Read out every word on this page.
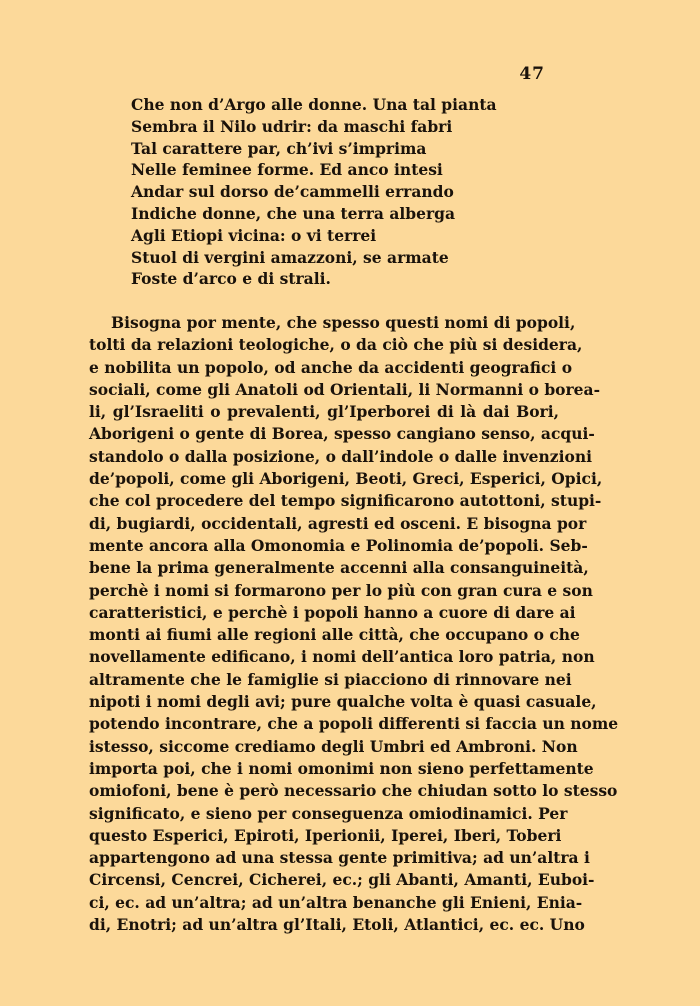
47
Che non d’Argo alle donne. Una tal pianta
Sembra il Nilo udrir: da maschi fabri
Tal carattere par, ch’ivi s’imprima
Nelle feminee forme. Ed anco intesi
Andar sul dorso de’cammelli errando
Indiche donne, che una terra alberga
Agli Etiopi vicina: o vi terrei
Stuol di vergini amazzoni, se armate
Foste d’arco e di strali.
Bisogna por mente, che spesso questi nomi di popoli,
tolti da relazioni teologiche, o da ciò che più si desidera,
e nobilita un popolo, od anche da accidenti geografici o
sociali, come gli Anatoli od Orientali, li Normanni o borea-
li, gl’Israeliti o prevalenti, gl’Iperborei di là dai Bori,
Aborigeni o gente di Borea, spesso cangiano senso, acqui-
standolo o dalla posizione, o dall’indole o dalle invenzioni
de’popoli, come gli Aborigeni, Beoti, Greci, Esperici, Opici,
che col procedere del tempo significarono autottoni, stupi-
di, bugiardi, occidentali, agresti ed osceni. E bisogna por
mente ancora alla Omonomia e Polinomia de’popoli. Seb-
bene la prima generalmente accenni alla consanguineità,
perchè i nomi si formarono per lo più con gran cura e son
caratteristici, e perchè i popoli hanno a cuore di dare ai
monti ai fiumi alle regioni alle città, che occupano o che
novellamente edificano, i nomi dell’antica loro patria, non
altramente che le famiglie si piacciono di rinnovare nei
nipoti i nomi degli avi; pure qualche volta è quasi casuale,
potendo incontrare, che a popoli differenti si faccia un nome
istesso, siccome crediamo degli Umbri ed Ambroni. Non
importa poi, che i nomi omonimi non sieno perfettamente
omiofoni, bene è però necessario che chiudan sotto lo stesso
significato, e sieno per conseguenza omiodinamici. Per
questo Esperici, Epiroti, Iperionii, Iperei, Iberi, Toberi
appartengono ad una stessa gente primitiva; ad un’altra i
Circensi, Cencrei, Cicherei, ec.; gli Abanti, Amanti, Euboi-
ci, ec. ad un’altra; ad un’altra benanche gli Enieni, Enia-
di, Enotri; ad un’altra gl’Itali, Etoli, Atlantici, ec. ec. Uno
